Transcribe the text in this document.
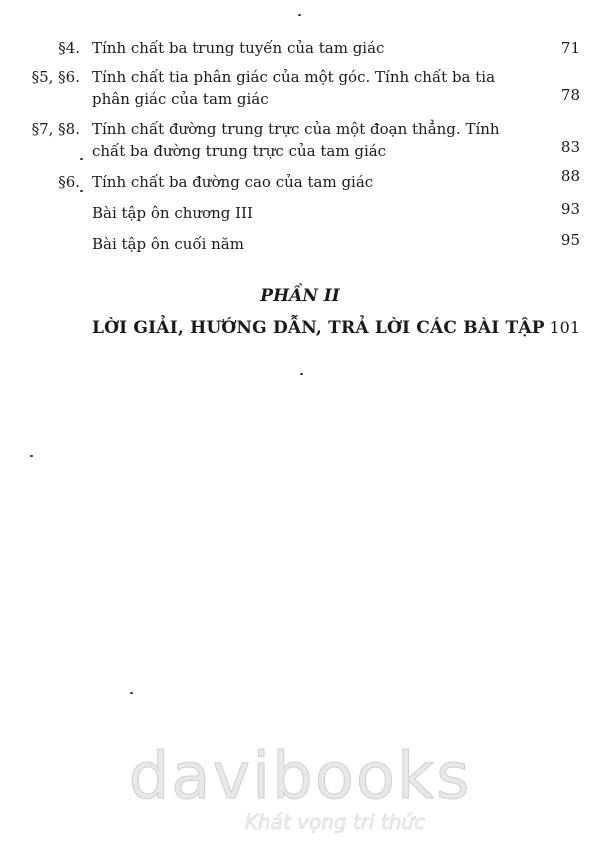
§4. Tính chất ba trung tuyến của tam giác	71
§5, §6. Tính chất tia phân giác của một góc. Tính chất ba tia
phân giác của tam giác	78
§7, §8. Tính chất đường trung trực của một đoạn thẳng. Tính
chất ba đường trung trực của tam giác	83
§6. Tính chất ba đường cao của tam giác	88
Bài tập ôn chương III	93
Bài tập ôn cuối năm	95
PHẦN II
LỜI GIẢI, HƯỚNG DẪN, TRẢ LỜI CÁC BÀI TẬP 101
davibooks
Khát vọng tri thức
